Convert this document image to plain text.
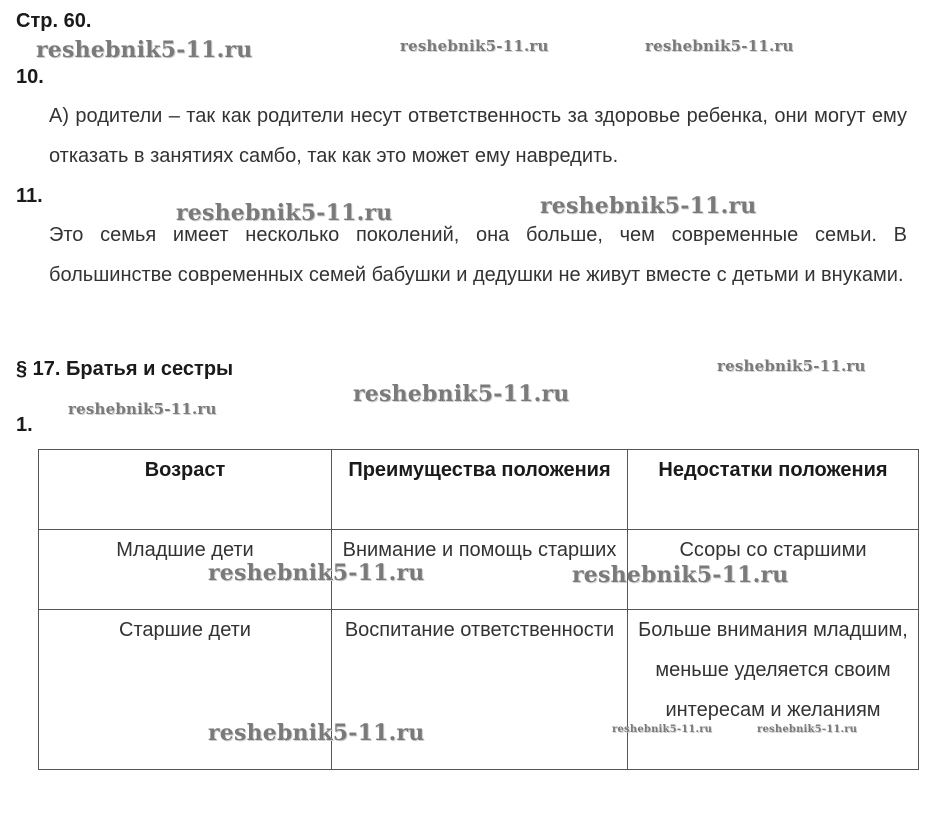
Стр. 60.
10.
А) родители – так как родители несут ответственность за здоровье ребенка, они могут ему отказать в занятиях самбо, так как это может ему навредить.
11.
Это семья имеет несколько поколений, она больше, чем современные семьи. В большинстве современных семей бабушки и дедушки не живут вместе с детьми и внуками.
§ 17. Братья и сестры
1.
Возраст	Преимущества положения	Недостатки положения
Младшие дети	Внимание и помощь старших	Ссоры со старшими
Старшие дети	Воспитание ответственности	Больше внимания младшим, меньше уделяется своим интересам и желаниям
reshebnik5-11.ru	reshebnik5-11.ru	reshebnik5-11.ru
reshebnik5-11.ru	reshebnik5-11.ru
reshebnik5-11.ru
reshebnik5-11.ru
reshebnik5-11.ru
reshebnik5-11.ru	reshebnik5-11.ru
reshebnik5-11.ru	reshebnik5-11.ru	reshebnik5-11.ru
